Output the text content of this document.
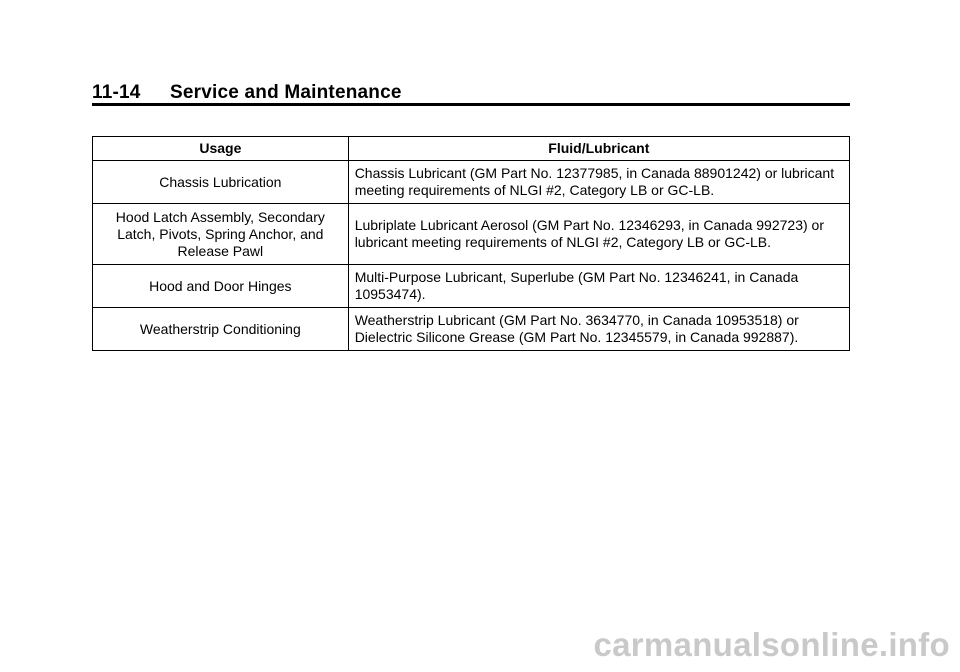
11-14 Service and Maintenance
Usage	Fluid/Lubricant
Chassis Lubrication	Chassis Lubricant (GM Part No. 12377985, in Canada 88901242) or lubricant meeting requirements of NLGI #2, Category LB or GC-LB.
Hood Latch Assembly, Secondary Latch, Pivots, Spring Anchor, and Release Pawl	Lubriplate Lubricant Aerosol (GM Part No. 12346293, in Canada 992723) or lubricant meeting requirements of NLGI #2, Category LB or GC-LB.
Hood and Door Hinges	Multi-Purpose Lubricant, Superlube (GM Part No. 12346241, in Canada 10953474).
Weatherstrip Conditioning	Weatherstrip Lubricant (GM Part No. 3634770, in Canada 10953518) or Dielectric Silicone Grease (GM Part No. 12345579, in Canada 992887).
carmanualsonline.info
